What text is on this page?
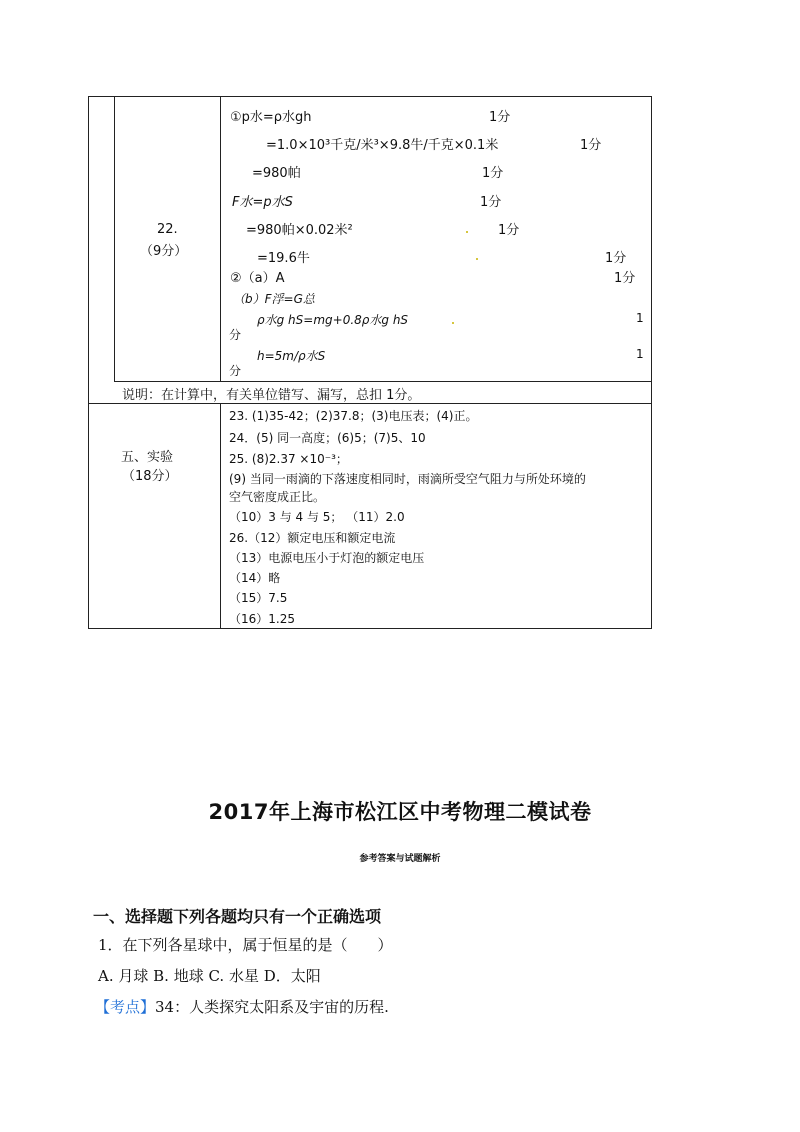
22.
（9分）
①p水=ρ水gh	1分
=1.0×10³千克/米³×9.8牛/千克×0.1米	1分
=980帕	1分
F水=p水S	1分
=980帕×0.02米²	1分
=19.6牛	1分
②（a）A	1分
（b）F浮=G总
ρ水g hS=mg+0.8ρ水g hS	1
分
h=5m/ρ水S	1
分
说明：在计算中，有关单位错写、漏写，总扣 1分。
五、实验
（18分）
23. (1)35-42；(2)37.8；(3)电压表；(4)正。
24．(5) 同一高度；(6)5；(7)5、10
25. (8)2.37 ×10⁻³；
(9) 当同一雨滴的下落速度相同时，雨滴所受空气阻力与所处环境的
空气密度成正比。
（10）3 与 4 与 5； （11）2.0
26.（12）额定电压和额定电流
（13）电源电压小于灯泡的额定电压
（14）略
（15）7.5
（16）1.25
2017年上海市松江区中考物理二模试卷
参考答案与试题解析
一、选择题下列各题均只有一个正确选项
1．在下列各星球中，属于恒星的是（　　）
A. 月球 B. 地球 C. 水星 D．太阳
【考点】34：人类探究太阳系及宇宙的历程.
